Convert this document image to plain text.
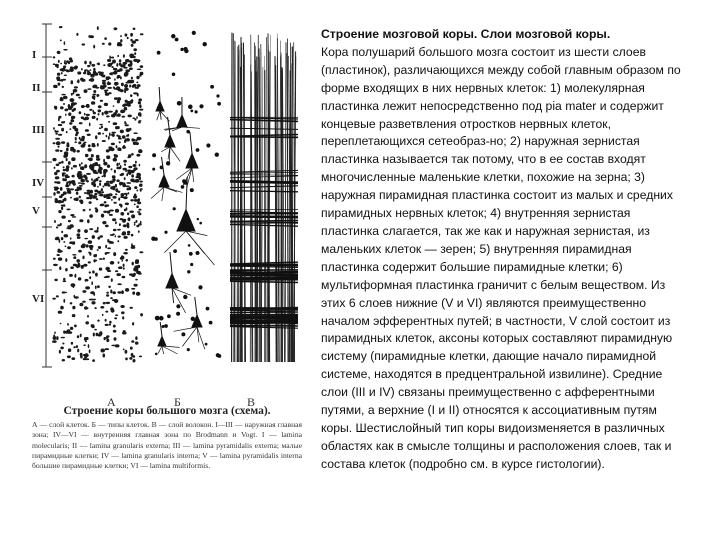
I
II
III
IV
V
VI
А	Б	В
Строение коры большого мозга (схема).
А — слой клеток. Б — типы клеток. В — слой волокон. I—III — наружная главная зона; IV—VI — внутренняя главная зона по Brodmann и Vogt. I — lamina molecularis; II — lamina granularis externa; III — lamina pyramidalis externa; малые пирамидные клетки; IV — lamina granularis interna; V — lamina pyramidalis interna большие пирамидные клетки; VI — lamina multiformis.
Строение мозговой коры. Слои мозговой коры.
Кора полушарий большого мозга состоит из шести слоев (пластинок), различающихся между собой главным образом по форме входящих в них нервных клеток: 1) молекулярная пластинка лежит непосредственно под pia mater и содержит концевые разветвления отростков нервных клеток, переплетающихся сетеобраз-но; 2) наружная зернистая пластинка называется так потому, что в ее состав входят многочисленные маленькие клетки, похожие на зерна; 3) наружная пирамидная пластинка состоит из малых и средних пирамидных нервных клеток; 4) внутренняя зернистая пластинка слагается, так же как и наружная зернистая, из маленьких клеток — зерен; 5) внутренняя пирамидная пластинка содержит большие пирамидные клетки; 6) мультиформная пластинка граничит с белым веществом. Из этих 6 слоев нижние (V и VI) являются преимущественно началом эфферентных путей; в частности, V слой состоит из пирамидных клеток, аксоны которых составляют пирамидную систему (пирамидные клетки, дающие начало пирамидной системе, находятся в предцентральной извилине). Средние слои (III и IV) связаны преимущественно с афферентными путями, а верхние (I и II) относятся к ассоциативным путям коры. Шестислойный тип коры видоизменяется в различных областях как в смысле толщины и расположения слоев, так и состава клеток (подробно см. в курсе гистологии).
